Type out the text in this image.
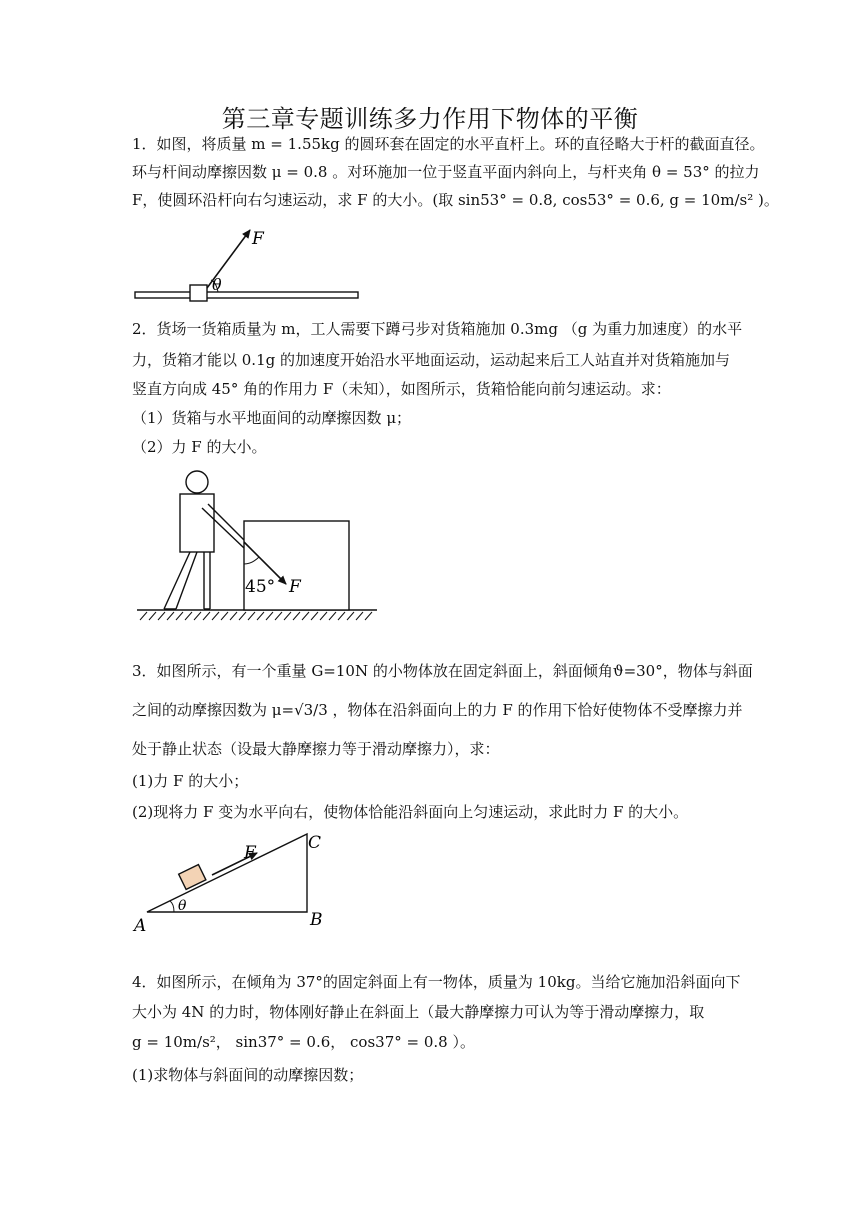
第三章专题训练多力作用下物体的平衡
1．如图，将质量 m = 1.55kg 的圆环套在固定的水平直杆上。环的直径略大于杆的截面直径。
环与杆间动摩擦因数 μ = 0.8 。对环施加一位于竖直平面内斜向上，与杆夹角 θ = 53° 的拉力
F，使圆环沿杆向右匀速运动，求 F 的大小。(取 sin53° = 0.8, cos53° = 0.6, g = 10m/s² )。
F
θ
2．货场一货箱质量为 m，工人需要下蹲弓步对货箱施加 0.3mg （g 为重力加速度）的水平
力，货箱才能以 0.1g 的加速度开始沿水平地面运动，运动起来后工人站直并对货箱施加与
竖直方向成 45° 角的作用力 F（未知），如图所示，货箱恰能向前匀速运动。求：
（1）货箱与水平地面间的动摩擦因数 μ；
（2）力 F 的大小。
45° F
3．如图所示，有一个重量 G=10N 的小物体放在固定斜面上，斜面倾角ϑ=30°，物体与斜面
之间的动摩擦因数为 μ=√3/3 ，物体在沿斜面向上的力 F 的作用下恰好使物体不受摩擦力并
处于静止状态（设最大静摩擦力等于滑动摩擦力），求：
(1)力 F 的大小；
(2)现将力 F 变为水平向右，使物体恰能沿斜面向上匀速运动，求此时力 F 的大小。
F
θ
A	B
C
4．如图所示，在倾角为 37°的固定斜面上有一物体，质量为 10kg。当给它施加沿斜面向下
大小为 4N 的力时，物体刚好静止在斜面上（最大静摩擦力可认为等于滑动摩擦力，取
g = 10m/s²， sin37° = 0.6， cos37° = 0.8 ）。
(1)求物体与斜面间的动摩擦因数；
